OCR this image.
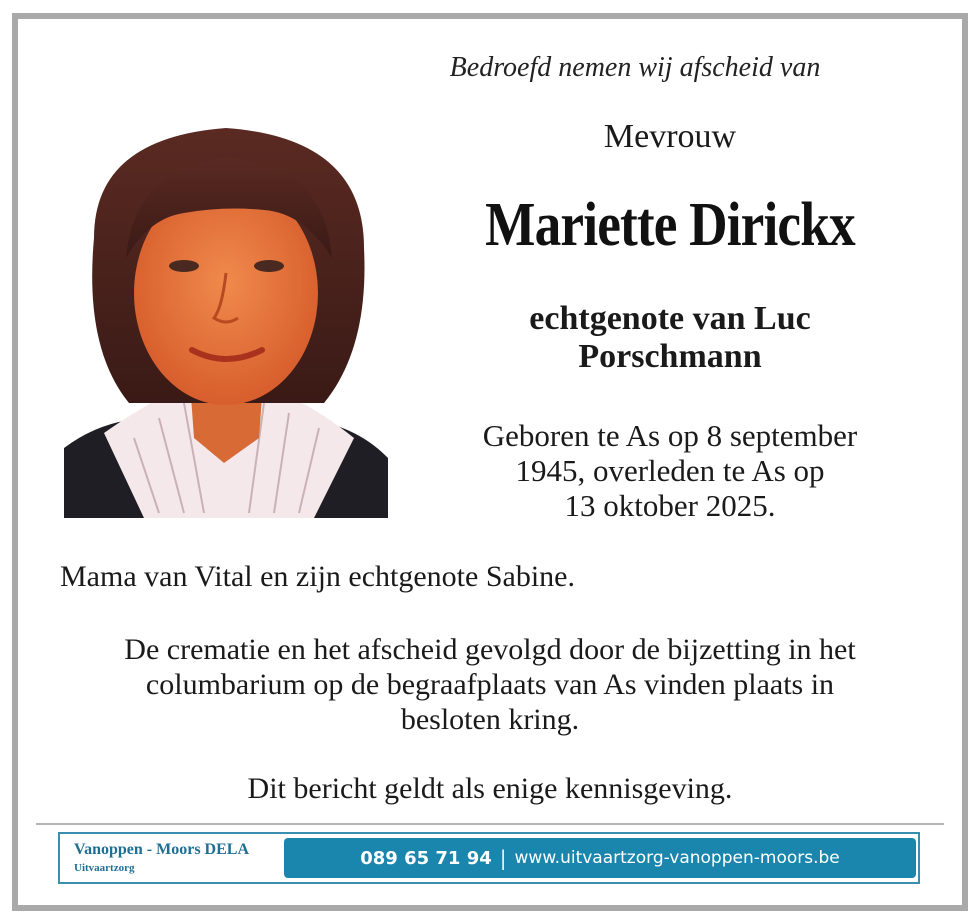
Bedroefd nemen wij afscheid van
Mevrouw
Mariette Dirickx
echtgenote van Luc
Porschmann
Geboren te As op 8 september
1945, overleden te As op
13 oktober 2025.
Mama van Vital en zijn echtgenote Sabine.
De crematie en het afscheid gevolgd door de bijzetting in het
columbarium op de begraafplaats van As vinden plaats in
besloten kring.
Dit bericht geldt als enige kennisgeving.
Vanoppen - Moors DELA
Uitvaartzorg	089 65 71 94 | www.uitvaartzorg-vanoppen-moors.be
